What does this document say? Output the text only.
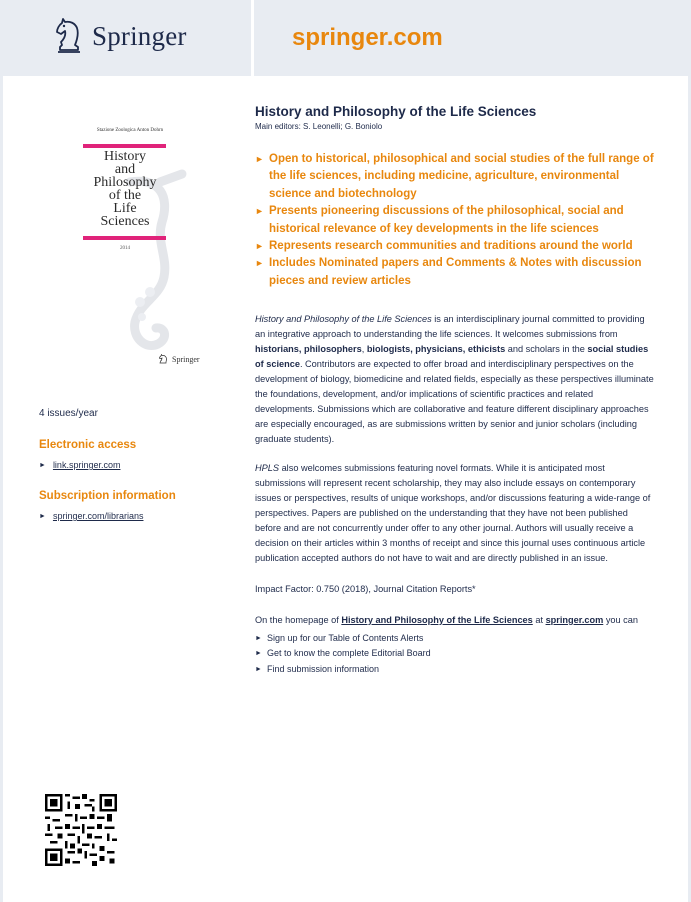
Springer	springer.com
Stazione Zoologica Anton Dohrn
History
and
Philosophy
of the
Life
Sciences
2014
Springer
4 issues/year
Electronic access
► link.springer.com
Subscription information
► springer.com/librarians
History and Philosophy of the Life Sciences
Main editors: S. Leonelli; G. Boniolo
► Open to historical, philosophical and social studies of the full range of the life sciences, including medicine, agriculture, environmental science and biotechnology
► Presents pioneering discussions of the philosophical, social and historical relevance of key developments in the life sciences
► Represents research communities and traditions around the world
► Includes Nominated papers and Comments & Notes with discussion pieces and review articles

History and Philosophy of the Life Sciences is an interdisciplinary journal committed to providing an integrative approach to understanding the life sciences. It welcomes submissions from historians, philosophers, biologists, physicians, ethicists and scholars in the social studies of science. Contributors are expected to offer broad and interdisciplinary perspectives on the development of biology, biomedicine and related fields, especially as these perspectives illuminate the foundations, development, and/or implications of scientific practices and related developments. Submissions which are collaborative and feature different disciplinary approaches are especially encouraged, as are submissions written by senior and junior scholars (including graduate students).

HPLS also welcomes submissions featuring novel formats. While it is anticipated most submissions will represent recent scholarship, they may also include essays on contemporary issues or perspectives, results of unique workshops, and/or discussions featuring a wide-range of perspectives. Papers are published on the understanding that they have not been published before and are not concurrently under offer to any other journal. Authors will usually receive a decision on their articles within 3 months of receipt and since this journal uses continuous article publication accepted authors do not have to wait and are directly published in an issue.

Impact Factor: 0.750 (2018), Journal Citation Reports*

On the homepage of History and Philosophy of the Life Sciences at springer.com you can

► Sign up for our Table of Contents Alerts
► Get to know the complete Editorial Board
► Find submission information
